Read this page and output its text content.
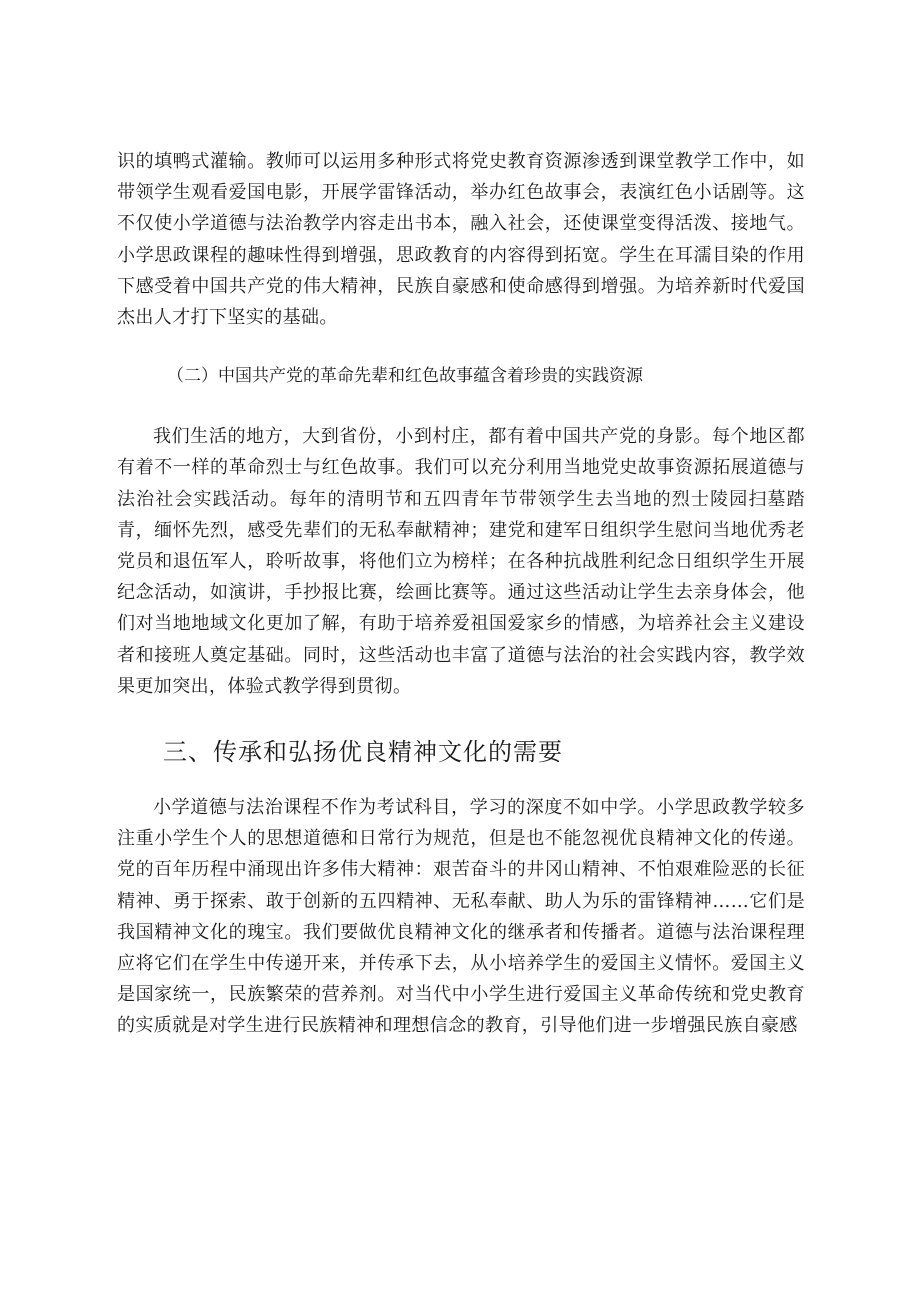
识的填鸭式灌输。教师可以运用多种形式将党史教育资源渗透到课堂教学工作中，如带领学生观看爱国电影，开展学雷锋活动，举办红色故事会，表演红色小话剧等。这不仅使小学道德与法治教学内容走出书本，融入社会，还使课堂变得活泼、接地气。小学思政课程的趣味性得到增强，思政教育的内容得到拓宽。学生在耳濡目染的作用下感受着中国共产党的伟大精神，民族自豪感和使命感得到增强。为培养新时代爱国杰出人才打下坚实的基础。

（二）中国共产党的革命先辈和红色故事蕴含着珍贵的实践资源

我们生活的地方，大到省份，小到村庄，都有着中国共产党的身影。每个地区都有着不一样的革命烈士与红色故事。我们可以充分利用当地党史故事资源拓展道德与法治社会实践活动。每年的清明节和五四青年节带领学生去当地的烈士陵园扫墓踏青，缅怀先烈，感受先辈们的无私奉献精神；建党和建军日组织学生慰问当地优秀老党员和退伍军人，聆听故事，将他们立为榜样；在各种抗战胜利纪念日组织学生开展纪念活动，如演讲，手抄报比赛，绘画比赛等。通过这些活动让学生去亲身体会，他们对当地地域文化更加了解，有助于培养爱祖国爱家乡的情感，为培养社会主义建设者和接班人奠定基础。同时，这些活动也丰富了道德与法治的社会实践内容，教学效果更加突出，体验式教学得到贯彻。

三、传承和弘扬优良精神文化的需要

小学道德与法治课程不作为考试科目，学习的深度不如中学。小学思政教学较多注重小学生个人的思想道德和日常行为规范，但是也不能忽视优良精神文化的传递。党的百年历程中涌现出许多伟大精神：艰苦奋斗的井冈山精神、不怕艰难险恶的长征精神、勇于探索、敢于创新的五四精神、无私奉献、助人为乐的雷锋精神……它们是我国精神文化的瑰宝。我们要做优良精神文化的继承者和传播者。道德与法治课程理应将它们在学生中传递开来，并传承下去，从小培养学生的爱国主义情怀。爱国主义是国家统一，民族繁荣的营养剂。对当代中小学生进行爱国主义革命传统和党史教育的实质就是对学生进行民族精神和理想信念的教育，引导他们进一步增强民族自豪感
